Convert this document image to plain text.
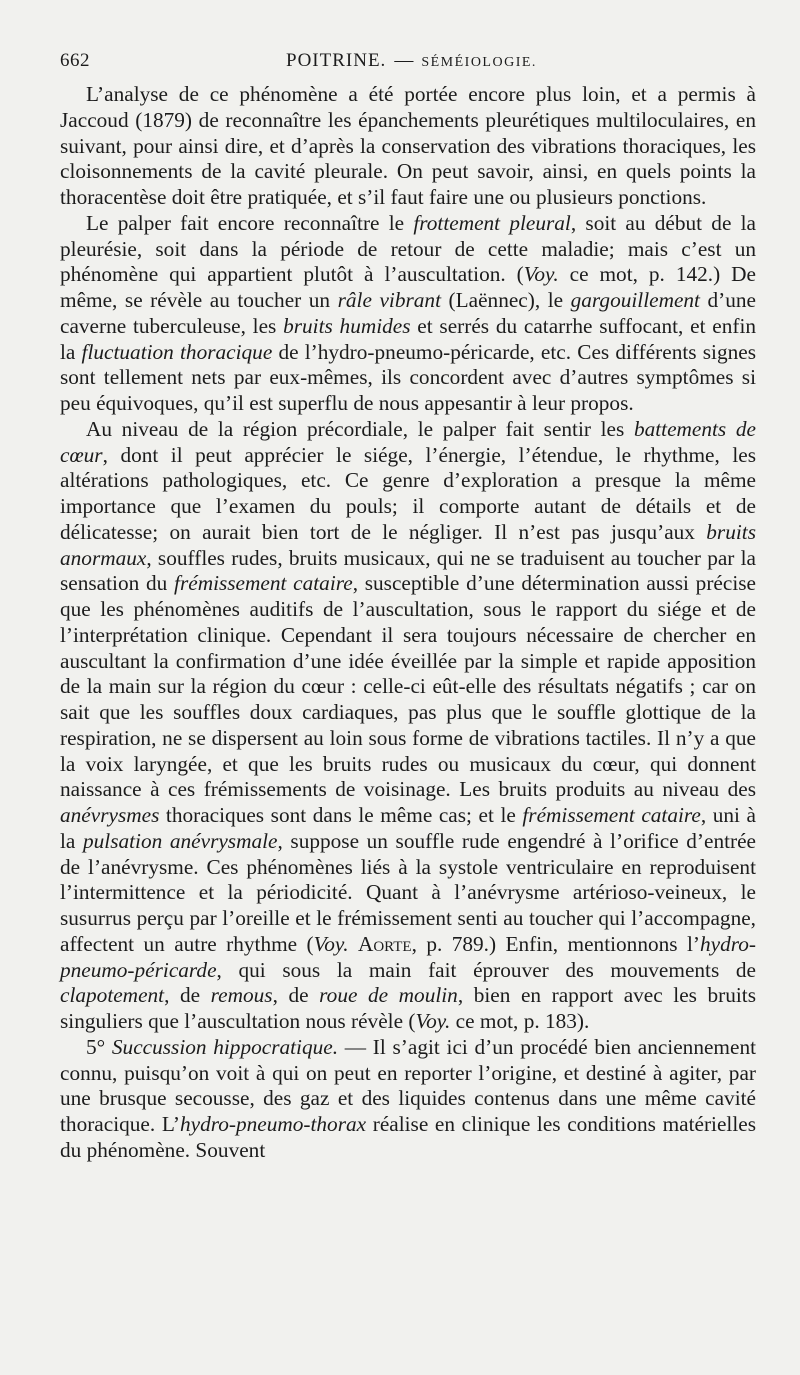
662	POITRINE. — SÉMÉIOLOGIE.

L’analyse de ce phénomène a été portée encore plus loin, et a permis à Jaccoud (1879) de reconnaître les épanchements pleurétiques multiloculaires, en suivant, pour ainsi dire, et d’après la conservation des vibrations thoraciques, les cloisonnements de la cavité pleurale. On peut savoir, ainsi, en quels points la thoracentèse doit être pratiquée, et s’il faut faire une ou plusieurs ponctions.

Le palper fait encore reconnaître le frottement pleural, soit au début de la pleurésie, soit dans la période de retour de cette maladie; mais c’est un phénomène qui appartient plutôt à l’auscultation. (Voy. ce mot, p. 142.) De même, se révèle au toucher un râle vibrant (Laënnec), le gargouillement d’une caverne tuberculeuse, les bruits humides et serrés du catarrhe suffocant, et enfin la fluctuation thoracique de l’hydro-pneumo-péricarde, etc. Ces différents signes sont tellement nets par eux-mêmes, ils concordent avec d’autres symptômes si peu équivoques, qu’il est superflu de nous appesantir à leur propos.

Au niveau de la région précordiale, le palper fait sentir les battements de cœur, dont il peut apprécier le siége, l’énergie, l’étendue, le rhythme, les altérations pathologiques, etc. Ce genre d’exploration a presque la même importance que l’examen du pouls; il comporte autant de détails et de délicatesse; on aurait bien tort de le négliger. Il n’est pas jusqu’aux bruits anormaux, souffles rudes, bruits musicaux, qui ne se traduisent au toucher par la sensation du frémissement cataire, susceptible d’une détermination aussi précise que les phénomènes auditifs de l’auscultation, sous le rapport du siége et de l’interprétation clinique. Cependant il sera toujours nécessaire de chercher en auscultant la confirmation d’une idée éveillée par la simple et rapide apposition de la main sur la région du cœur : celle-ci eût-elle des résultats négatifs ; car on sait que les souffles doux cardiaques, pas plus que le souffle glottique de la respiration, ne se dispersent au loin sous forme de vibrations tactiles. Il n’y a que la voix laryngée, et que les bruits rudes ou musicaux du cœur, qui donnent naissance à ces frémissements de voisinage. Les bruits produits au niveau des anévrysmes thoraciques sont dans le même cas; et le frémissement cataire, uni à la pulsation anévrysmale, suppose un souffle rude engendré à l’orifice d’entrée de l’anévrysme. Ces phénomènes liés à la systole ventriculaire en reproduisent l’intermittence et la périodicité. Quant à l’anévrysme artérioso-veineux, le susurrus perçu par l’oreille et le frémissement senti au toucher qui l’accompagne, affectent un autre rhythme (Voy. Aorte, p. 789.) Enfin, mentionnons l’hydro-pneumo-péricarde, qui sous la main fait éprouver des mouvements de clapotement, de remous, de roue de moulin, bien en rapport avec les bruits singuliers que l’auscultation nous révèle (Voy. ce mot, p. 183).

5° Succussion hippocratique. — Il s’agit ici d’un procédé bien anciennement connu, puisqu’on voit à qui on peut en reporter l’origine, et destiné à agiter, par une brusque secousse, des gaz et des liquides contenus dans une même cavité thoracique. L’hydro-pneumo-thorax réalise en clinique les conditions matérielles du phénomène. Souvent
